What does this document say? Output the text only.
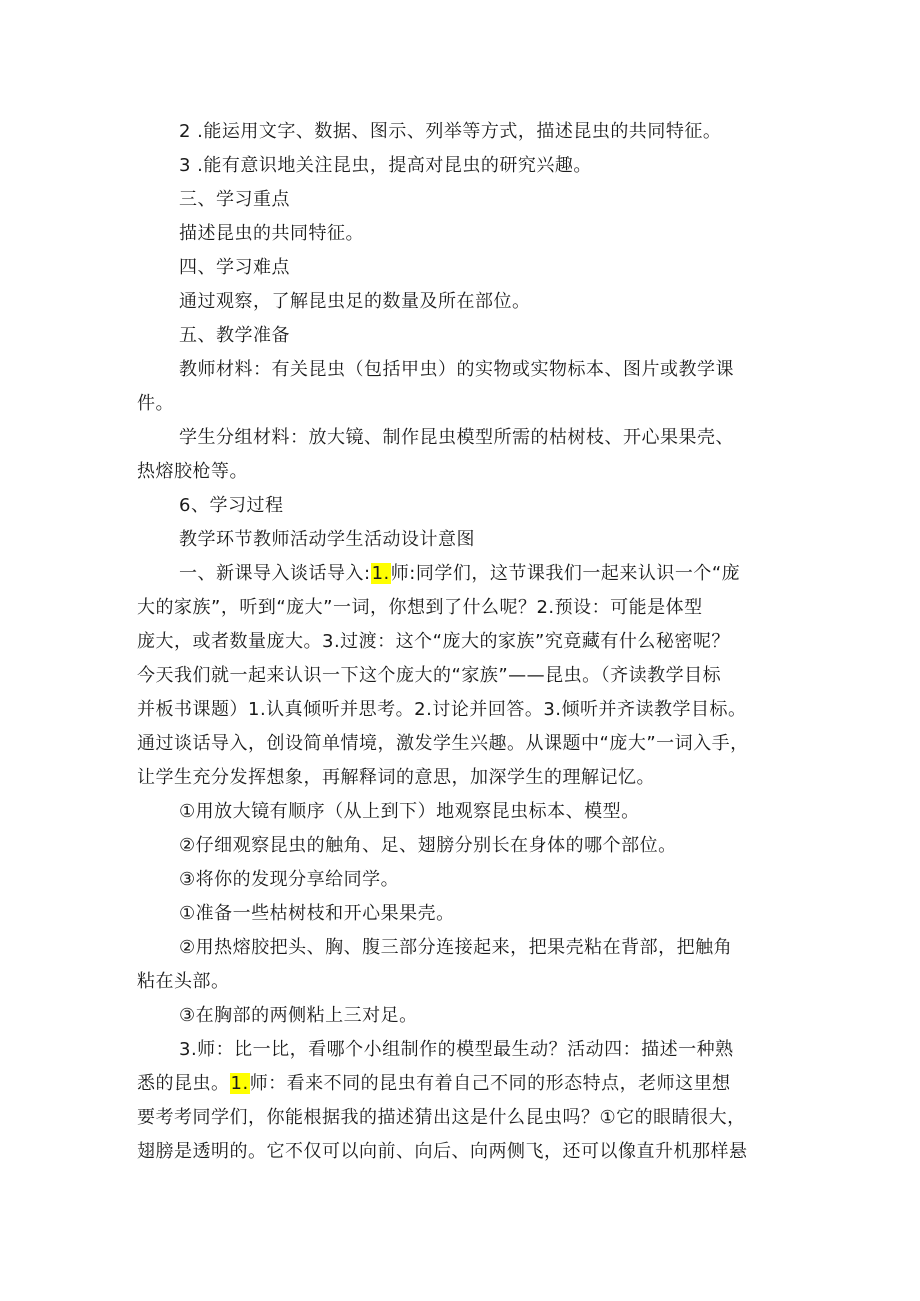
2 .能运用文字、数据、图示、列举等方式，描述昆虫的共同特征。
3 .能有意识地关注昆虫，提高对昆虫的研究兴趣。
三、学习重点
描述昆虫的共同特征。
四、学习难点
通过观察，了解昆虫足的数量及所在部位。
五、教学准备
教师材料：有关昆虫（包括甲虫）的实物或实物标本、图片或教学课
件。
学生分组材料：放大镜、制作昆虫模型所需的枯树枝、开心果果壳、
热熔胶枪等。
6、学习过程
教学环节教师活动学生活动设计意图
一、新课导入谈话导入:1.师:同学们，这节课我们一起来认识一个“庞
大的家族”，听到“庞大”一词，你想到了什么呢？2.预设：可能是体型
庞大，或者数量庞大。3.过渡：这个“庞大的家族”究竟藏有什么秘密呢？
今天我们就一起来认识一下这个庞大的“家族”——昆虫。（齐读教学目标
并板书课题）1.认真倾听并思考。2.讨论并回答。3.倾听并齐读教学目标。
通过谈话导入，创设简单情境，激发学生兴趣。从课题中“庞大”一词入手，
让学生充分发挥想象，再解释词的意思，加深学生的理解记忆。
①用放大镜有顺序（从上到下）地观察昆虫标本、模型。
②仔细观察昆虫的触角、足、翅膀分别长在身体的哪个部位。
③将你的发现分享给同学。
①准备一些枯树枝和开心果果壳。
②用热熔胶把头、胸、腹三部分连接起来，把果壳粘在背部，把触角
粘在头部。
③在胸部的两侧粘上三对足。
3.师：比一比，看哪个小组制作的模型最生动？活动四：描述一种熟
悉的昆虫。1.师：看来不同的昆虫有着自己不同的形态特点，老师这里想
要考考同学们，你能根据我的描述猜出这是什么昆虫吗？①它的眼睛很大，
翅膀是透明的。它不仅可以向前、向后、向两侧飞，还可以像直升机那样悬
